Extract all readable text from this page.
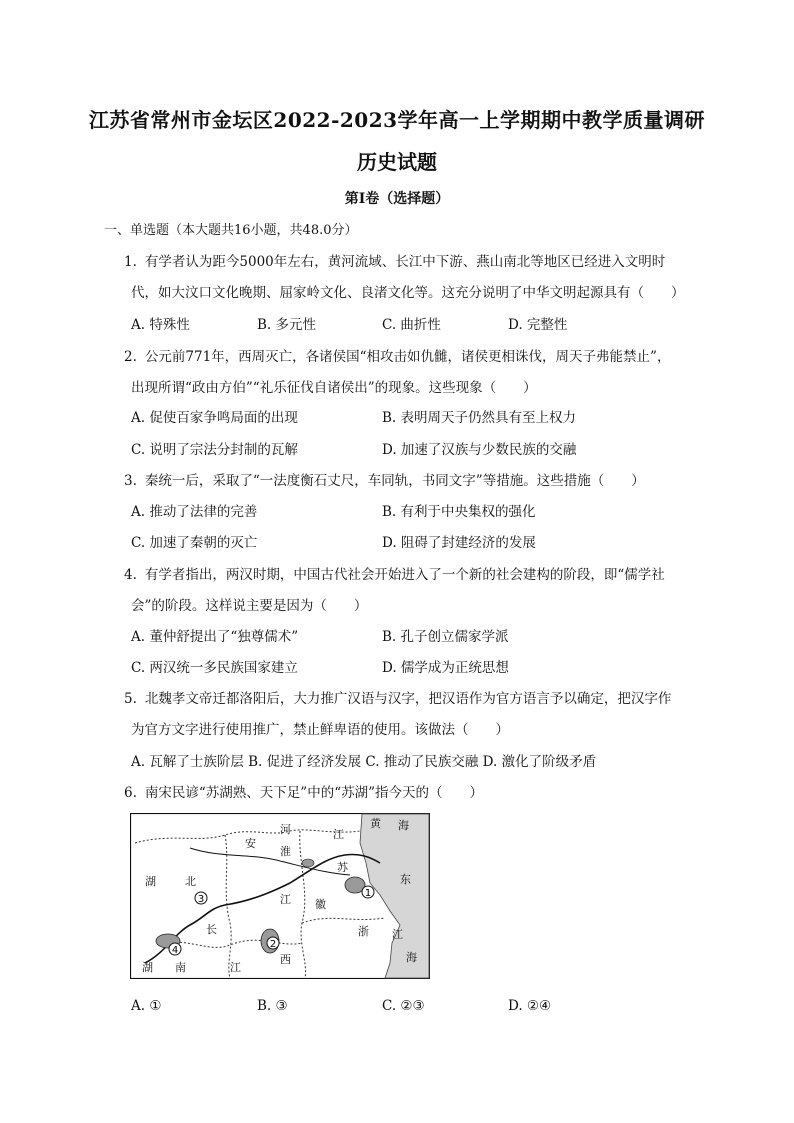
江苏省常州市金坛区2022-2023学年高一上学期期中教学质量调研
历史试题
第Ⅰ卷（选择题）
一、单选题（本大题共16小题，共48.0分）
1. 有学者认为距今5000年左右，黄河流域、长江中下游、燕山南北等地区已经进入文明时
代，如大汶口文化晚期、屈家岭文化、良渚文化等。这充分说明了中华文明起源具有（　　）
A. 特殊性	B. 多元性	C. 曲折性	D. 完整性
2. 公元前771年，西周灭亡，各诸侯国“相攻击如仇雠，诸侯更相诛伐，周天子弗能禁止”，
出现所谓“政由方伯”“礼乐征伐自诸侯出”的现象。这些现象（　　）
A. 促使百家争鸣局面的出现	B. 表明周天子仍然具有至上权力
C. 说明了宗法分封制的瓦解	D. 加速了汉族与少数民族的交融
3. 秦统一后，采取了“一法度衡石丈尺，车同轨，书同文字”等措施。这些措施（　　）
A. 推动了法律的完善	B. 有利于中央集权的强化
C. 加速了秦朝的灭亡	D. 阻碍了封建经济的发展
4. 有学者指出，两汉时期，中国古代社会开始进入了一个新的社会建构的阶段，即“儒学社
会”的阶段。这样说主要是因为（　　）
A. 董仲舒提出了“独尊儒术”	B. 孔子创立儒家学派
C. 两汉统一多民族国家建立	D. 儒学成为正统思想
5. 北魏孝文帝迁都洛阳后，大力推广汉语与汉字，把汉语作为官方语言予以确定，把汉字作
为官方文字进行使用推广，禁止鲜卑语的使用。该做法（　　）
A. 瓦解了士族阶层 B. 促进了经济发展 C. 推动了民族交融 D. 激化了阶级矛盾
6. 南宋民谚“苏湖熟、天下足”中的“苏湖”指今天的（　　）
1
2
3
4
黄 海
东
海
河
安
淮
江
苏
湖	北
长
江 徽
浙 江
南	江
西
湖
A. ①	B. ③	C. ②③	D. ②④
